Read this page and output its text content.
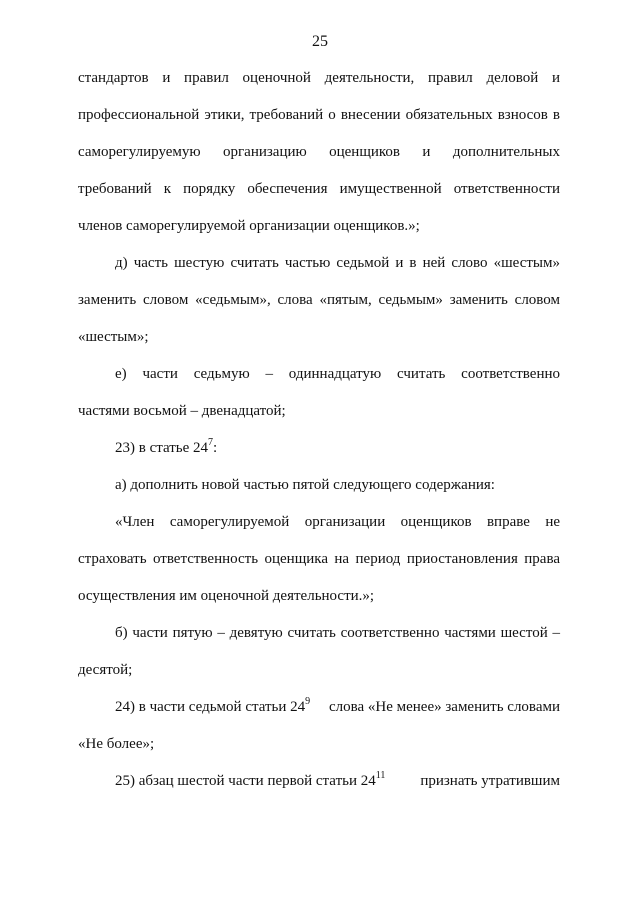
25
стандартов и правил оценочной деятельности, правил деловой и
профессиональной этики, требований о внесении обязательных взносов в
саморегулируемую организацию оценщиков и дополнительных
требований к порядку обеспечения имущественной ответственности
членов саморегулируемой организации оценщиков.»;
д) часть шестую считать частью седьмой и в ней слово «шестым»
заменить словом «седьмым», слова «пятым, седьмым» заменить словом
«шестым»;
е) части седьмую – одиннадцатую считать соответственно
частями восьмой – двенадцатой;
23) в статье $24^7$:
а) дополнить новой частью пятой следующего содержания:
«Член саморегулируемой организации оценщиков вправе не
страховать ответственность оценщика на период приостановления права
осуществления им оценочной деятельности.»;
б) части пятую – девятую считать соответственно частями шестой –
десятой;
24) в части седьмой статьи $24^9$ слова «Не менее» заменить словами
«Не более»;
25) абзац шестой части первой статьи $24^{11}$ признать утратившим
